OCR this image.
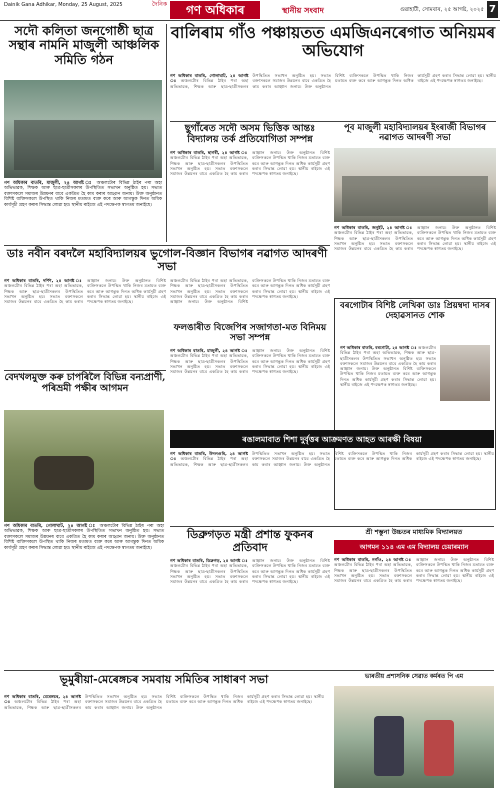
Dainik Gana Adhikar, Monday, 25 August, 2025	গণ অধিকাৰ
দৈনিক
স্থানীয় সংবাদ	গুৱাহাটী, সোমবাৰ, ২৫ আগষ্ট, ২০২৫ 7
সদৌ কলিতা জনগোষ্ঠী ছাত্র সন্থাৰ নামনি মাজুলী আঞ্চলিক সমিতি গঠন
গণ অধিকাৰ বাতৰি, মাজুলী, ২৪ আগষ্ট ঃ অঞ্চলটোৰ বিভিন্ন ঠাইৰ পৰা অহা অভিভাৱক, শিক্ষক আৰু ছাত্ৰ-ছাত্ৰীসকলৰ উপস্থিতিত সভাখন অনুষ্ঠিত হয়। সভাত বক্তাসকলে সমাজৰ উন্নয়নৰ বাবে একত্ৰিত হৈ কাম কৰাৰ আহ্বান জনায়। উক্ত অনুষ্ঠানত বিশিষ্ট ব্যক্তিসকলে উপস্থিত থাকি নিজৰ মতামত ব্যক্ত কৰে আৰু আগন্তুক দিনত অধিক কাৰ্যসূচী গ্ৰহণ কৰাৰ সিদ্ধান্ত লোৱা হয়। স্থানীয় ৰাইজে এই পদক্ষেপক স্বাগতম জনাইছে।
বালিৰাম গাঁও পঞ্চায়তত এমজিএনৰেগাত অনিয়মৰ অভিযোগ
গণ অধিকাৰ বাতৰি, গোলাঘাট, ২৪ আগষ্ট ঃ অঞ্চলটোৰ বিভিন্ন ঠাইৰ পৰা অহা অভিভাৱক, শিক্ষক আৰু ছাত্ৰ-ছাত্ৰীসকলৰ উপস্থিতিত সভাখন অনুষ্ঠিত হয়। সভাত বক্তাসকলে সমাজৰ উন্নয়নৰ বাবে একত্ৰিত হৈ কাম কৰাৰ আহ্বান জনায়। উক্ত অনুষ্ঠানত বিশিষ্ট ব্যক্তিসকলে উপস্থিত থাকি নিজৰ মতামত ব্যক্ত কৰে আৰু আগন্তুক দিনত অধিক কাৰ্যসূচী গ্ৰহণ কৰাৰ সিদ্ধান্ত লোৱা হয়। স্থানীয় ৰাইজে এই পদক্ষেপক স্বাগতম জনাইছে।
ছুগাঁৰেত সদৌ অসম ভিত্তিক আন্তঃ বিদ্যালয় তৰ্ক প্ৰতিযোগিতা সম্পন্ন
গণ অধিকাৰ বাতৰি, ছাগৰী, ২৪ আগষ্ট ঃ অঞ্চলটোৰ বিভিন্ন ঠাইৰ পৰা অহা অভিভাৱক, শিক্ষক আৰু ছাত্ৰ-ছাত্ৰীসকলৰ উপস্থিতিত সভাখন অনুষ্ঠিত হয়। সভাত বক্তাসকলে সমাজৰ উন্নয়নৰ বাবে একত্ৰিত হৈ কাম কৰাৰ আহ্বান জনায়। উক্ত অনুষ্ঠানত বিশিষ্ট ব্যক্তিসকলে উপস্থিত থাকি নিজৰ মতামত ব্যক্ত কৰে আৰু আগন্তুক দিনত অধিক কাৰ্যসূচী গ্ৰহণ কৰাৰ সিদ্ধান্ত লোৱা হয়। স্থানীয় ৰাইজে এই পদক্ষেপক স্বাগতম জনাইছে।
পূব মাজুলী মহাবিদ্যালয়ৰ ইংৰাজী বিভাগৰ নৱাগত আদৰণী সভা
গণ অধিকাৰ বাতৰি, জনুইট, ২৪ আগষ্ট ঃ অঞ্চলটোৰ বিভিন্ন ঠাইৰ পৰা অহা অভিভাৱক, শিক্ষক আৰু ছাত্ৰ-ছাত্ৰীসকলৰ উপস্থিতিত সভাখন অনুষ্ঠিত হয়। সভাত বক্তাসকলে সমাজৰ উন্নয়নৰ বাবে একত্ৰিত হৈ কাম কৰাৰ আহ্বান জনায়। উক্ত অনুষ্ঠানত বিশিষ্ট ব্যক্তিসকলে উপস্থিত থাকি নিজৰ মতামত ব্যক্ত কৰে আৰু আগন্তুক দিনত অধিক কাৰ্যসূচী গ্ৰহণ কৰাৰ সিদ্ধান্ত লোৱা হয়। স্থানীয় ৰাইজে এই পদক্ষেপক স্বাগতম জনাইছে।
ডাঃ নবীন বৰদলৈ মহাবিদ্যালয়ৰ ভুগোল-বিজ্ঞান বিভাগৰ নৱাগত আদৰণী সভা
গণ অধিকাৰ বাতৰি, দৰ্শিণ, ২৪ আগষ্ট ঃ অঞ্চলটোৰ বিভিন্ন ঠাইৰ পৰা অহা অভিভাৱক, শিক্ষক আৰু ছাত্ৰ-ছাত্ৰীসকলৰ উপস্থিতিত সভাখন অনুষ্ঠিত হয়। সভাত বক্তাসকলে সমাজৰ উন্নয়নৰ বাবে একত্ৰিত হৈ কাম কৰাৰ আহ্বান জনায়। উক্ত অনুষ্ঠানত বিশিষ্ট ব্যক্তিসকলে উপস্থিত থাকি নিজৰ মতামত ব্যক্ত কৰে আৰু আগন্তুক দিনত অধিক কাৰ্যসূচী গ্ৰহণ কৰাৰ সিদ্ধান্ত লোৱা হয়। স্থানীয় ৰাইজে এই পদক্ষেপক স্বাগতম জনাইছে।
অঞ্চলটোৰ বিভিন্ন ঠাইৰ পৰা অহা অভিভাৱক, শিক্ষক আৰু ছাত্ৰ-ছাত্ৰীসকলৰ উপস্থিতিত সভাখন অনুষ্ঠিত হয়। সভাত বক্তাসকলে সমাজৰ উন্নয়নৰ বাবে একত্ৰিত হৈ কাম কৰাৰ আহ্বান জনায়। উক্ত অনুষ্ঠানত বিশিষ্ট ব্যক্তিসকলে উপস্থিত থাকি নিজৰ মতামত ব্যক্ত কৰে আৰু আগন্তুক দিনত অধিক কাৰ্যসূচী গ্ৰহণ কৰাৰ সিদ্ধান্ত লোৱা হয়। স্থানীয় ৰাইজে এই পদক্ষেপক স্বাগতম জনাইছে।
ফলঙাৰীত বিজেপিৰ সজাগতা-মত বিনিময় সভা সম্পন্ন
গণ অধিকাৰ বাতৰি, মাজুলী, ২৪ আগষ্ট ঃ অঞ্চলটোৰ বিভিন্ন ঠাইৰ পৰা অহা অভিভাৱক, শিক্ষক আৰু ছাত্ৰ-ছাত্ৰীসকলৰ উপস্থিতিত সভাখন অনুষ্ঠিত হয়। সভাত বক্তাসকলে সমাজৰ উন্নয়নৰ বাবে একত্ৰিত হৈ কাম কৰাৰ আহ্বান জনায়। উক্ত অনুষ্ঠানত বিশিষ্ট ব্যক্তিসকলে উপস্থিত থাকি নিজৰ মতামত ব্যক্ত কৰে আৰু আগন্তুক দিনত অধিক কাৰ্যসূচী গ্ৰহণ কৰাৰ সিদ্ধান্ত লোৱা হয়। স্থানীয় ৰাইজে এই পদক্ষেপক স্বাগতম জনাইছে।
বৰগোটাৰ বিশিষ্ট লেখিকা ডাঃ প্ৰিয়ম্বদা দাসৰ দেহাৱসানত শোক
গণ অধিকাৰ বাতৰি, বৰগোটা, ২৪ আগষ্ট ঃ অঞ্চলটোৰ বিভিন্ন ঠাইৰ পৰা অহা অভিভাৱক, শিক্ষক আৰু ছাত্ৰ-ছাত্ৰীসকলৰ উপস্থিতিত সভাখন অনুষ্ঠিত হয়। সভাত বক্তাসকলে সমাজৰ উন্নয়নৰ বাবে একত্ৰিত হৈ কাম কৰাৰ আহ্বান জনায়। উক্ত অনুষ্ঠানত বিশিষ্ট ব্যক্তিসকলে উপস্থিত থাকি নিজৰ মতামত ব্যক্ত কৰে আৰু আগন্তুক দিনত অধিক কাৰ্যসূচী গ্ৰহণ কৰাৰ সিদ্ধান্ত লোৱা হয়। স্থানীয় ৰাইজে এই পদক্ষেপক স্বাগতম জনাইছে।
বেদখলমুক্ত কৰু চাপৰিলৈ বিভিন্ন বন্যপ্ৰাণী, পৰিভ্ৰমী পক্ষীৰ আগমন
গণ অধিকাৰ বাতৰি, গোলাঘাট, ২৪ আগষ্ট ঃ অঞ্চলটোৰ বিভিন্ন ঠাইৰ পৰা অহা অভিভাৱক, শিক্ষক আৰু ছাত্ৰ-ছাত্ৰীসকলৰ উপস্থিতিত সভাখন অনুষ্ঠিত হয়। সভাত বক্তাসকলে সমাজৰ উন্নয়নৰ বাবে একত্ৰিত হৈ কাম কৰাৰ আহ্বান জনায়। উক্ত অনুষ্ঠানত বিশিষ্ট ব্যক্তিসকলে উপস্থিত থাকি নিজৰ মতামত ব্যক্ত কৰে আৰু আগন্তুক দিনত অধিক কাৰ্যসূচী গ্ৰহণ কৰাৰ সিদ্ধান্ত লোৱা হয়। স্থানীয় ৰাইজে এই পদক্ষেপক স্বাগতম জনাইছে।
ৰঙালমাবাত শিশা দুৰ্বৃত্তৰ আক্ৰমণত আহত আৰক্ষী বিষয়া
গণ অধিকাৰ বাতৰি, উদলগুৰি, ২৪ আগষ্ট ঃ অঞ্চলটোৰ বিভিন্ন ঠাইৰ পৰা অহা অভিভাৱক, শিক্ষক আৰু ছাত্ৰ-ছাত্ৰীসকলৰ উপস্থিতিত সভাখন অনুষ্ঠিত হয়। সভাত বক্তাসকলে সমাজৰ উন্নয়নৰ বাবে একত্ৰিত হৈ কাম কৰাৰ আহ্বান জনায়। উক্ত অনুষ্ঠানত বিশিষ্ট ব্যক্তিসকলে উপস্থিত থাকি নিজৰ মতামত ব্যক্ত কৰে আৰু আগন্তুক দিনত অধিক কাৰ্যসূচী গ্ৰহণ কৰাৰ সিদ্ধান্ত লোৱা হয়। স্থানীয় ৰাইজে এই পদক্ষেপক স্বাগতম জনাইছে।
ডিব্ৰুগড়ত মন্ত্ৰী প্ৰশান্ত ফুকনৰ প্ৰতিবাদ
গণ অধিকাৰ বাতৰি, ডিব্ৰুগড়, ২৪ আগষ্ট ঃ অঞ্চলটোৰ বিভিন্ন ঠাইৰ পৰা অহা অভিভাৱক, শিক্ষক আৰু ছাত্ৰ-ছাত্ৰীসকলৰ উপস্থিতিত সভাখন অনুষ্ঠিত হয়। সভাত বক্তাসকলে সমাজৰ উন্নয়নৰ বাবে একত্ৰিত হৈ কাম কৰাৰ আহ্বান জনায়। উক্ত অনুষ্ঠানত বিশিষ্ট ব্যক্তিসকলে উপস্থিত থাকি নিজৰ মতামত ব্যক্ত কৰে আৰু আগন্তুক দিনত অধিক কাৰ্যসূচী গ্ৰহণ কৰাৰ সিদ্ধান্ত লোৱা হয়। স্থানীয় ৰাইজে এই পদক্ষেপক স্বাগতম জনাইছে।
শ্ৰী শম্ভুনা উচ্চতৰ মাধ্যমিক বিদ্যালয়ত
আগমন ১১৪ এম এম বিদ্যালয় চেয়াৰম্যান
গণ অধিকাৰ বাতৰি, নগাঁও, ২৪ আগষ্ট ঃ অঞ্চলটোৰ বিভিন্ন ঠাইৰ পৰা অহা অভিভাৱক, শিক্ষক আৰু ছাত্ৰ-ছাত্ৰীসকলৰ উপস্থিতিত সভাখন অনুষ্ঠিত হয়। সভাত বক্তাসকলে সমাজৰ উন্নয়নৰ বাবে একত্ৰিত হৈ কাম কৰাৰ আহ্বান জনায়। উক্ত অনুষ্ঠানত বিশিষ্ট ব্যক্তিসকলে উপস্থিত থাকি নিজৰ মতামত ব্যক্ত কৰে আৰু আগন্তুক দিনত অধিক কাৰ্যসূচী গ্ৰহণ কৰাৰ সিদ্ধান্ত লোৱা হয়। স্থানীয় ৰাইজে এই পদক্ষেপক স্বাগতম জনাইছে।
ভূমুৰীয়া-মেৰেঙ্গচৰ সমবায় সমিতিৰ সাধাৰণ সভা
গণ অধিকাৰ বাতৰি, মেৰেঙ্গচৰ, ২৪ আগষ্ট ঃ অঞ্চলটোৰ বিভিন্ন ঠাইৰ পৰা অহা অভিভাৱক, শিক্ষক আৰু ছাত্ৰ-ছাত্ৰীসকলৰ উপস্থিতিত সভাখন অনুষ্ঠিত হয়। সভাত বক্তাসকলে সমাজৰ উন্নয়নৰ বাবে একত্ৰিত হৈ কাম কৰাৰ আহ্বান জনায়। উক্ত অনুষ্ঠানত বিশিষ্ট ব্যক্তিসকলে উপস্থিত থাকি নিজৰ মতামত ব্যক্ত কৰে আৰু আগন্তুক দিনত অধিক কাৰ্যসূচী গ্ৰহণ কৰাৰ সিদ্ধান্ত লোৱা হয়। স্থানীয় ৰাইজে এই পদক্ষেপক স্বাগতম জনাইছে।
ভাৰতীয় প্ৰশাসনিক সেৱাত কৰ্মৰত পি এম
